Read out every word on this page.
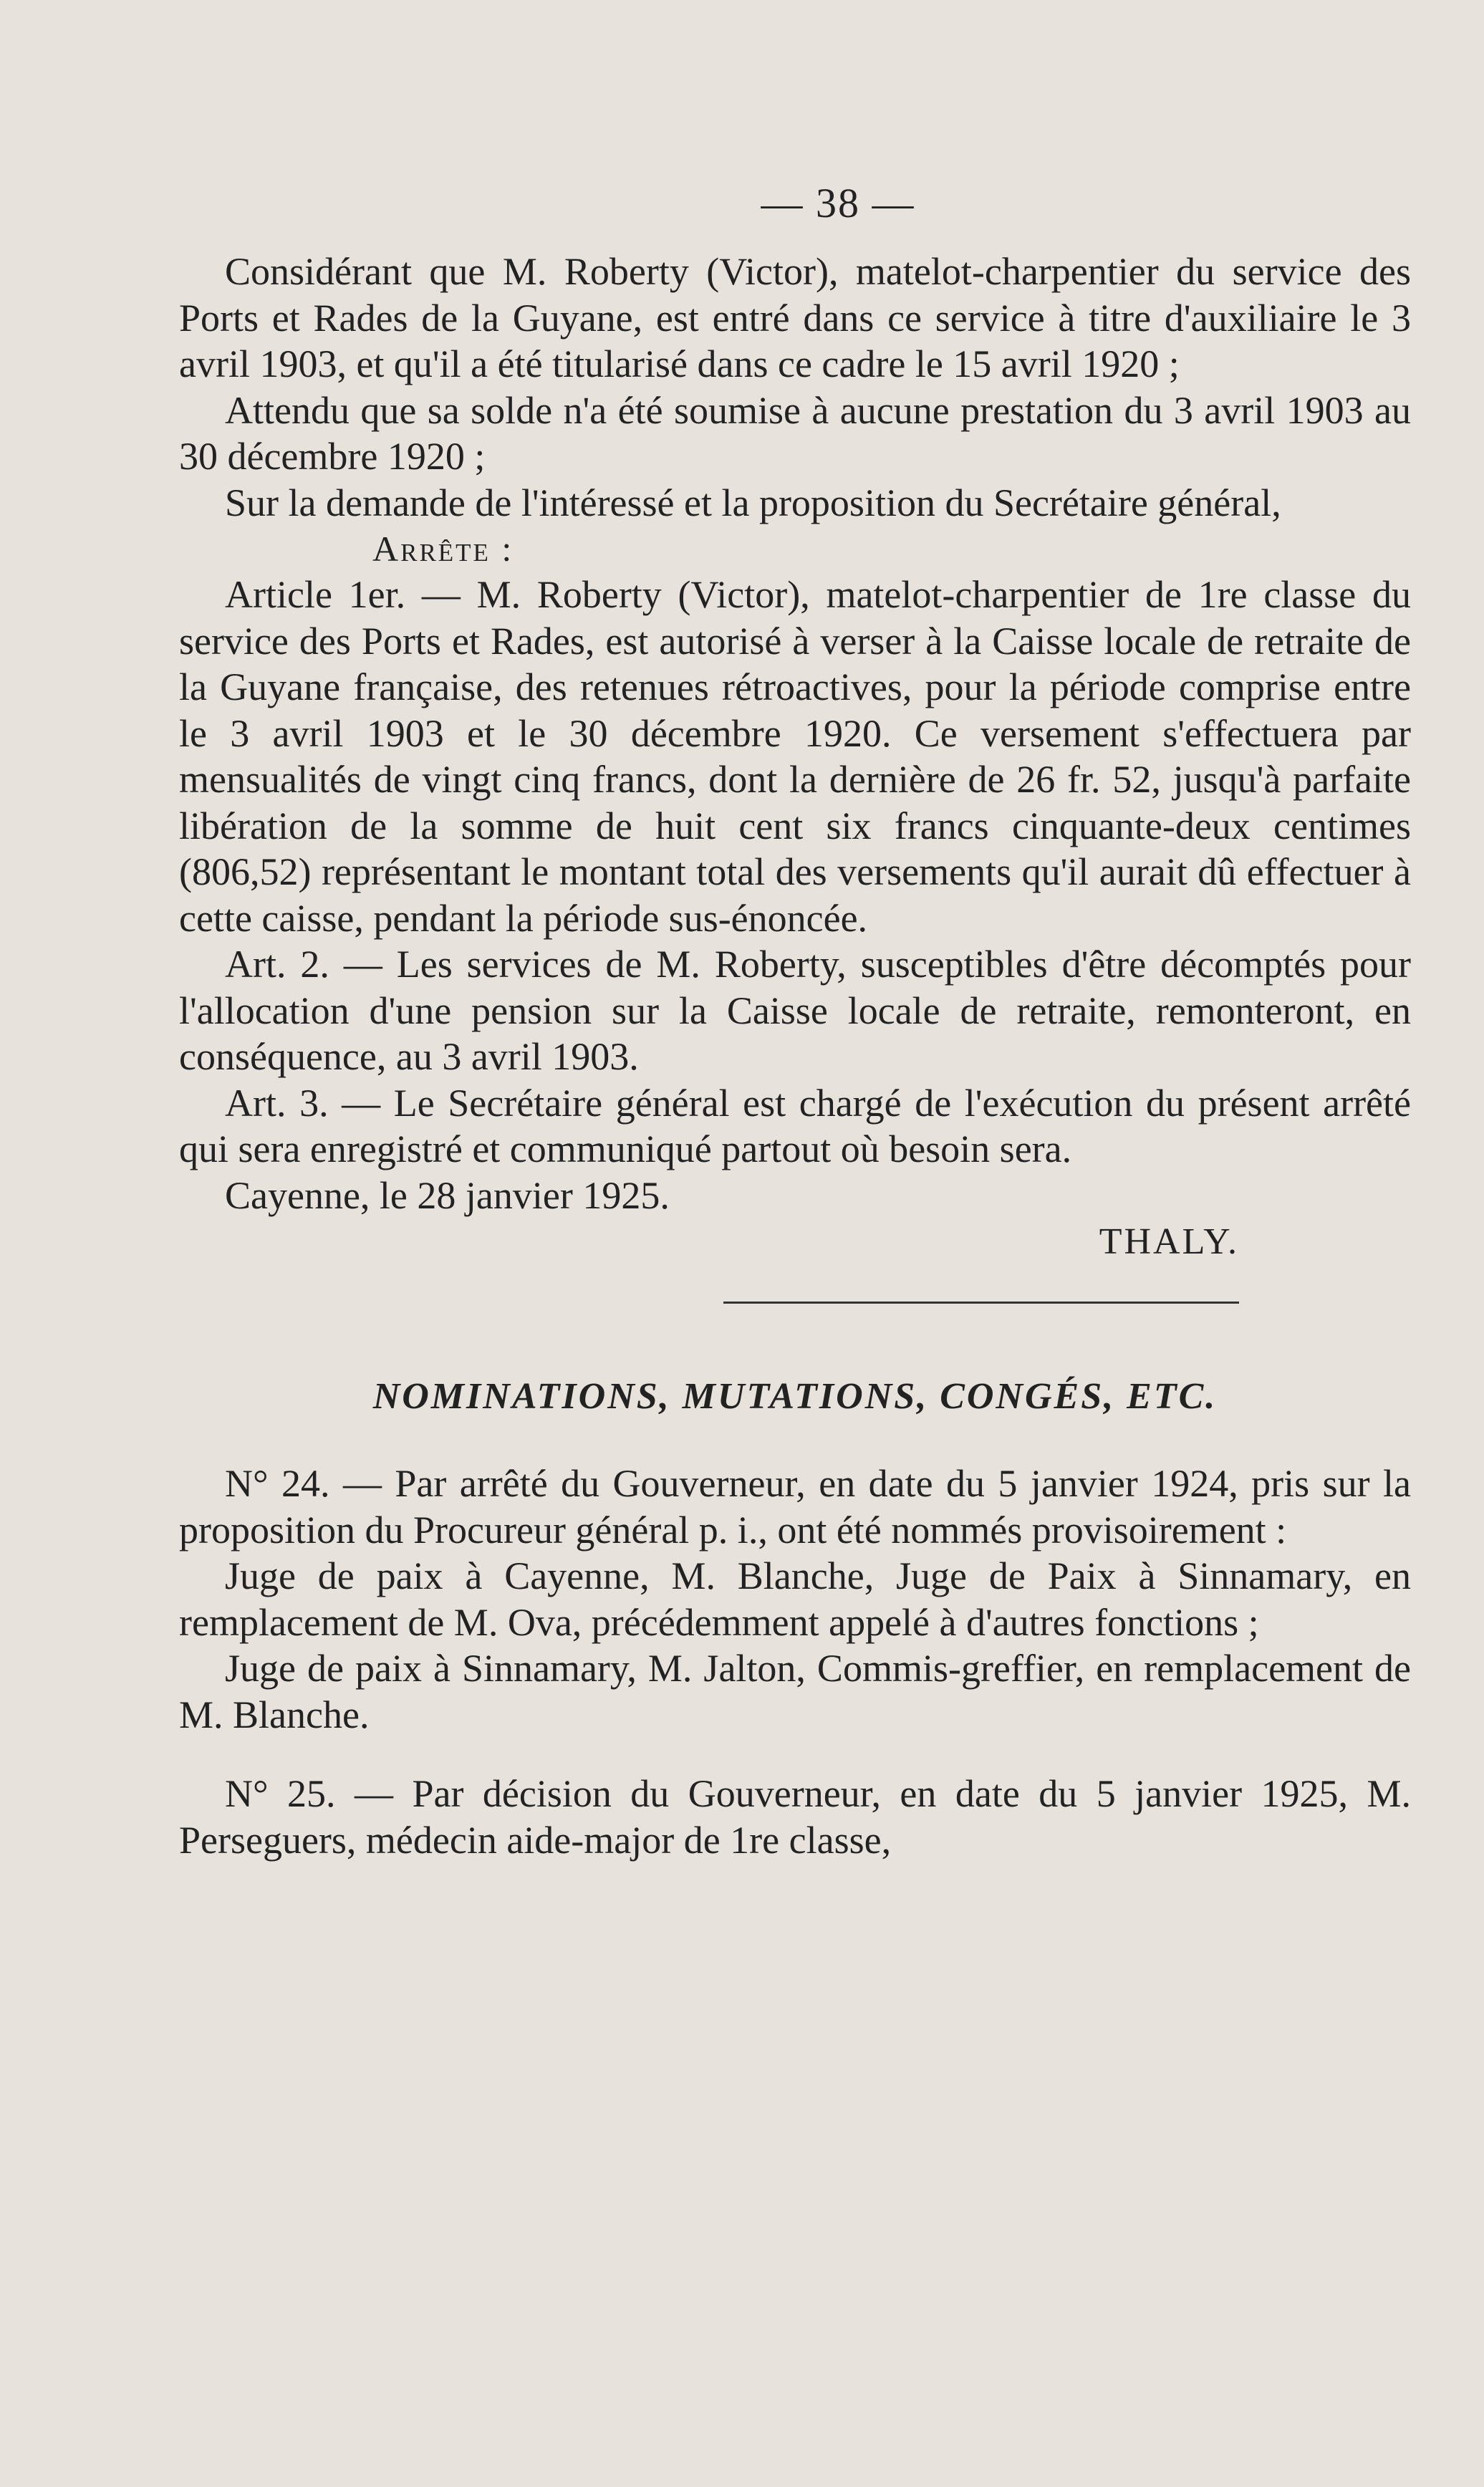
— 38 —

Considérant que M. Roberty (Victor), matelot-charpentier du service des Ports et Rades de la Guyane, est entré dans ce service à titre d'auxiliaire le 3 avril 1903, et qu'il a été titularisé dans ce cadre le 15 avril 1920 ;

Attendu que sa solde n'a été soumise à aucune prestation du 3 avril 1903 au 30 décembre 1920 ;

Sur la demande de l'intéressé et la proposition du Secrétaire général,

Arrête :

Article 1er. — M. Roberty (Victor), matelot-charpentier de 1re classe du service des Ports et Rades, est autorisé à verser à la Caisse locale de retraite de la Guyane française, des retenues rétroactives, pour la période comprise entre le 3 avril 1903 et le 30 décembre 1920. Ce versement s'effectuera par mensualités de vingt cinq francs, dont la dernière de 26 fr. 52, jusqu'à parfaite libération de la somme de huit cent six francs cinquante-deux centimes (806,52) représentant le montant total des versements qu'il aurait dû effectuer à cette caisse, pendant la période sus-énoncée.

Art. 2. — Les services de M. Roberty, susceptibles d'être décomptés pour l'allocation d'une pension sur la Caisse locale de retraite, remonteront, en conséquence, au 3 avril 1903.

Art. 3. — Le Secrétaire général est chargé de l'exécution du présent arrêté qui sera enregistré et communiqué partout où besoin sera.

Cayenne, le 28 janvier 1925.

THALY.
NOMINATIONS, MUTATIONS, CONGÉS, ETC.

N° 24. — Par arrêté du Gouverneur, en date du 5 janvier 1924, pris sur la proposition du Procureur général p. i., ont été nommés provisoirement :

Juge de paix à Cayenne, M. Blanche, Juge de Paix à Sinnamary, en remplacement de M. Ova, précédemment appelé à d'autres fonctions ;

Juge de paix à Sinnamary, M. Jalton, Commis-greffier, en remplacement de M. Blanche.

N° 25. — Par décision du Gouverneur, en date du 5 janvier 1925, M. Perseguers, médecin aide-major de 1re classe,
